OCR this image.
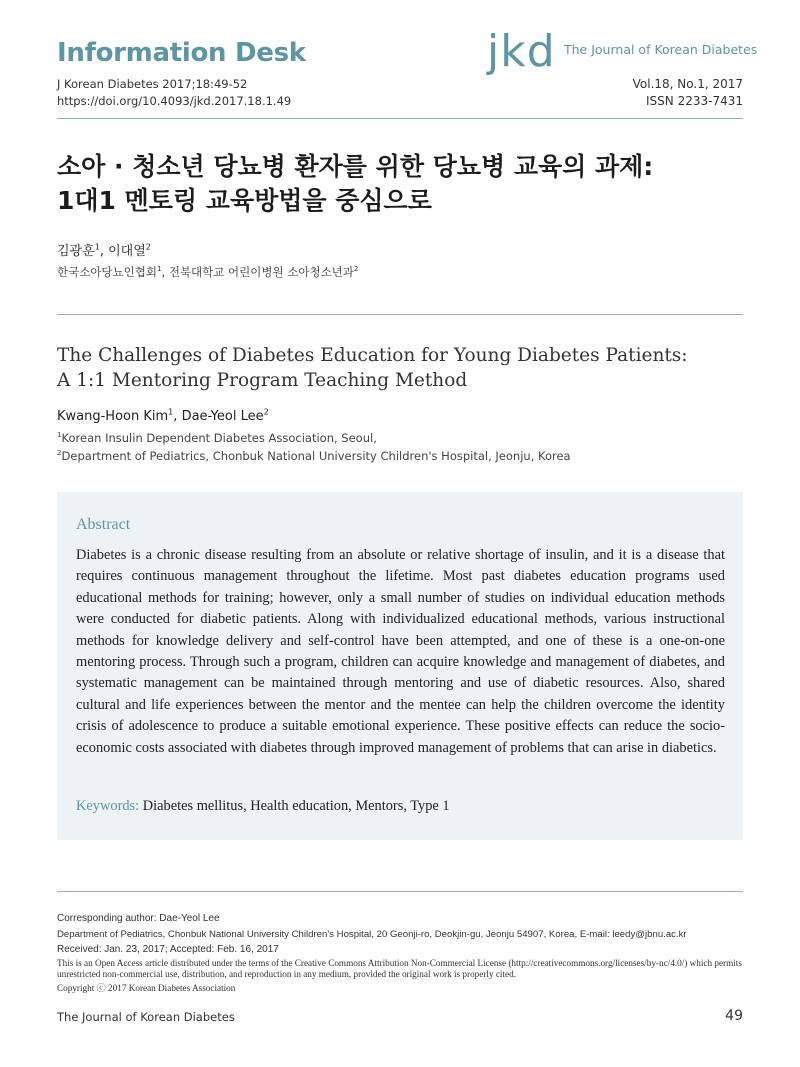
Information Desk
J Korean Diabetes 2017;18:49-52
https://doi.org/10.4093/jkd.2017.18.1.49
jkd The Journal of Korean Diabetes
Vol.18, No.1, 2017
ISSN 2233-7431
소아 · 청소년 당뇨병 환자를 위한 당뇨병 교육의 과제:
1대1 멘토링 교육방법을 중심으로
김광훈$^1$, 이대열$^2$
한국소아당뇨인협회$^1$, 전북대학교 어린이병원 소아청소년과$^2$
The Challenges of Diabetes Education for Young Diabetes Patients:
A 1:1 Mentoring Program Teaching Method
Kwang-Hoon Kim$^1$, Dae-Yeol Lee$^2$
$^1$Korean Insulin Dependent Diabetes Association, Seoul,
$^2$Department of Pediatrics, Chonbuk National University Children's Hospital, Jeonju, Korea
Abstract
Diabetes is a chronic disease resulting from an absolute or relative shortage of insulin, and it is a disease that requires continuous management throughout the lifetime. Most past diabetes education programs used educational methods for training; however, only a small number of studies on individual education methods were conducted for diabetic patients. Along with individualized educational methods, various instructional methods for knowledge delivery and self-control have been attempted, and one of these is a one-on-one mentoring process. Through such a program, children can acquire knowledge and management of diabetes, and systematic management can be maintained through mentoring and use of diabetic resources. Also, shared cultural and life experiences between the mentor and the mentee can help the children overcome the identity crisis of adolescence to produce a suitable emotional experience. These positive effects can reduce the socio-economic costs associated with diabetes through improved management of problems that can arise in diabetics.
Keywords: Diabetes mellitus, Health education, Mentors, Type 1
Corresponding author: Dae-Yeol Lee
Department of Pediatrics, Chonbuk National University Children's Hospital, 20 Geonji-ro, Deokjin-gu, Jeonju 54907, Korea, E-mail: leedy@jbnu.ac.kr
Received: Jan. 23, 2017; Accepted: Feb. 16, 2017
This is an Open Access article distributed under the terms of the Creative Commons Attribution Non-Commercial License (http://creativecommons.org/licenses/by-nc/4.0/) which permits unrestricted non-commercial use, distribution, and reproduction in any medium, provided the original work is properly cited.
Copyright ⓒ 2017 Korean Diabetes Association
The Journal of Korean Diabetes	49
